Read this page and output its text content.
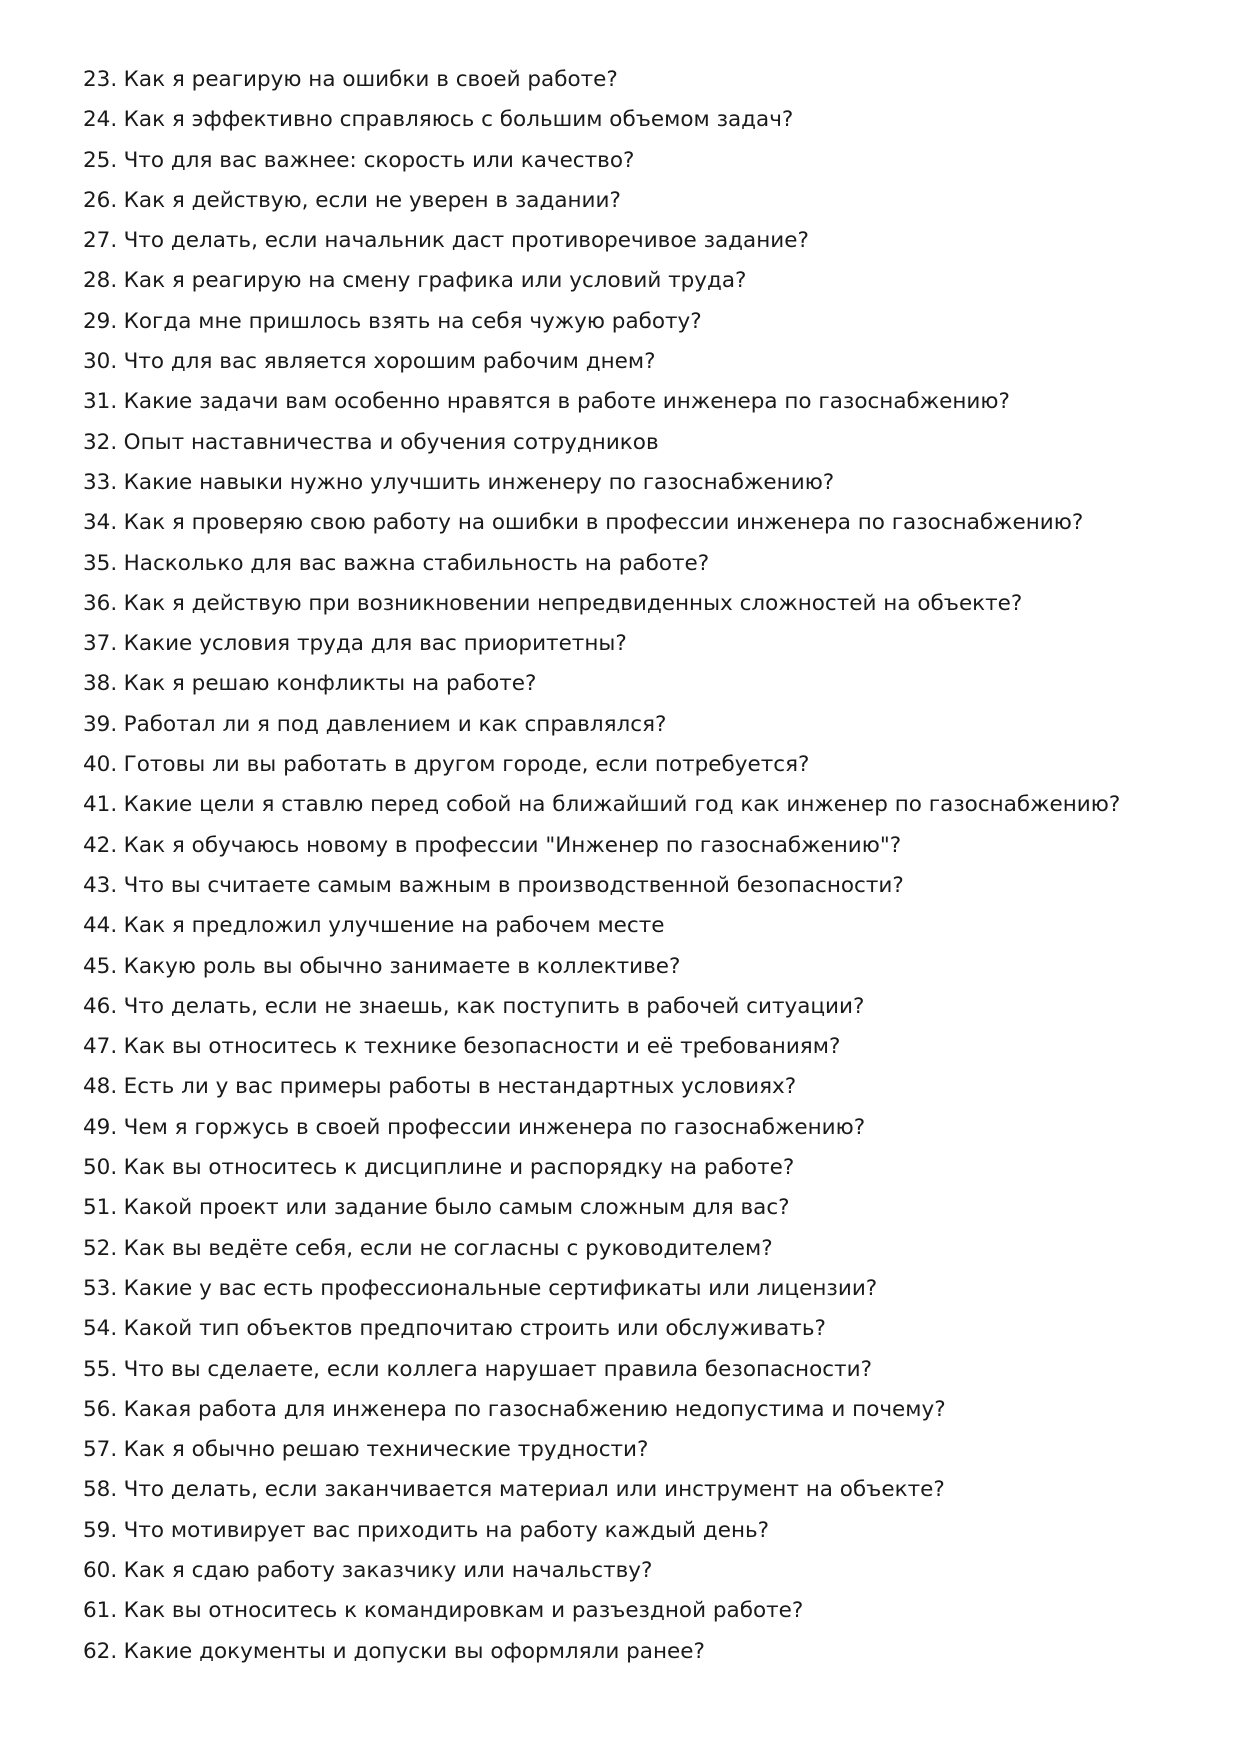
23. Как я реагирую на ошибки в своей работе?
24. Как я эффективно справляюсь с большим объемом задач?
25. Что для вас важнее: скорость или качество?
26. Как я действую, если не уверен в задании?
27. Что делать, если начальник даст противоречивое задание?
28. Как я реагирую на смену графика или условий труда?
29. Когда мне пришлось взять на себя чужую работу?
30. Что для вас является хорошим рабочим днем?
31. Какие задачи вам особенно нравятся в работе инженера по газоснабжению?
32. Опыт наставничества и обучения сотрудников
33. Какие навыки нужно улучшить инженеру по газоснабжению?
34. Как я проверяю свою работу на ошибки в профессии инженера по газоснабжению?
35. Насколько для вас важна стабильность на работе?
36. Как я действую при возникновении непредвиденных сложностей на объекте?
37. Какие условия труда для вас приоритетны?
38. Как я решаю конфликты на работе?
39. Работал ли я под давлением и как справлялся?
40. Готовы ли вы работать в другом городе, если потребуется?
41. Какие цели я ставлю перед собой на ближайший год как инженер по газоснабжению?
42. Как я обучаюсь новому в профессии "Инженер по газоснабжению"?
43. Что вы считаете самым важным в производственной безопасности?
44. Как я предложил улучшение на рабочем месте
45. Какую роль вы обычно занимаете в коллективе?
46. Что делать, если не знаешь, как поступить в рабочей ситуации?
47. Как вы относитесь к технике безопасности и её требованиям?
48. Есть ли у вас примеры работы в нестандартных условиях?
49. Чем я горжусь в своей профессии инженера по газоснабжению?
50. Как вы относитесь к дисциплине и распорядку на работе?
51. Какой проект или задание было самым сложным для вас?
52. Как вы ведёте себя, если не согласны с руководителем?
53. Какие у вас есть профессиональные сертификаты или лицензии?
54. Какой тип объектов предпочитаю строить или обслуживать?
55. Что вы сделаете, если коллега нарушает правила безопасности?
56. Какая работа для инженера по газоснабжению недопустима и почему?
57. Как я обычно решаю технические трудности?
58. Что делать, если заканчивается материал или инструмент на объекте?
59. Что мотивирует вас приходить на работу каждый день?
60. Как я сдаю работу заказчику или начальству?
61. Как вы относитесь к командировкам и разъездной работе?
62. Какие документы и допуски вы оформляли ранее?
